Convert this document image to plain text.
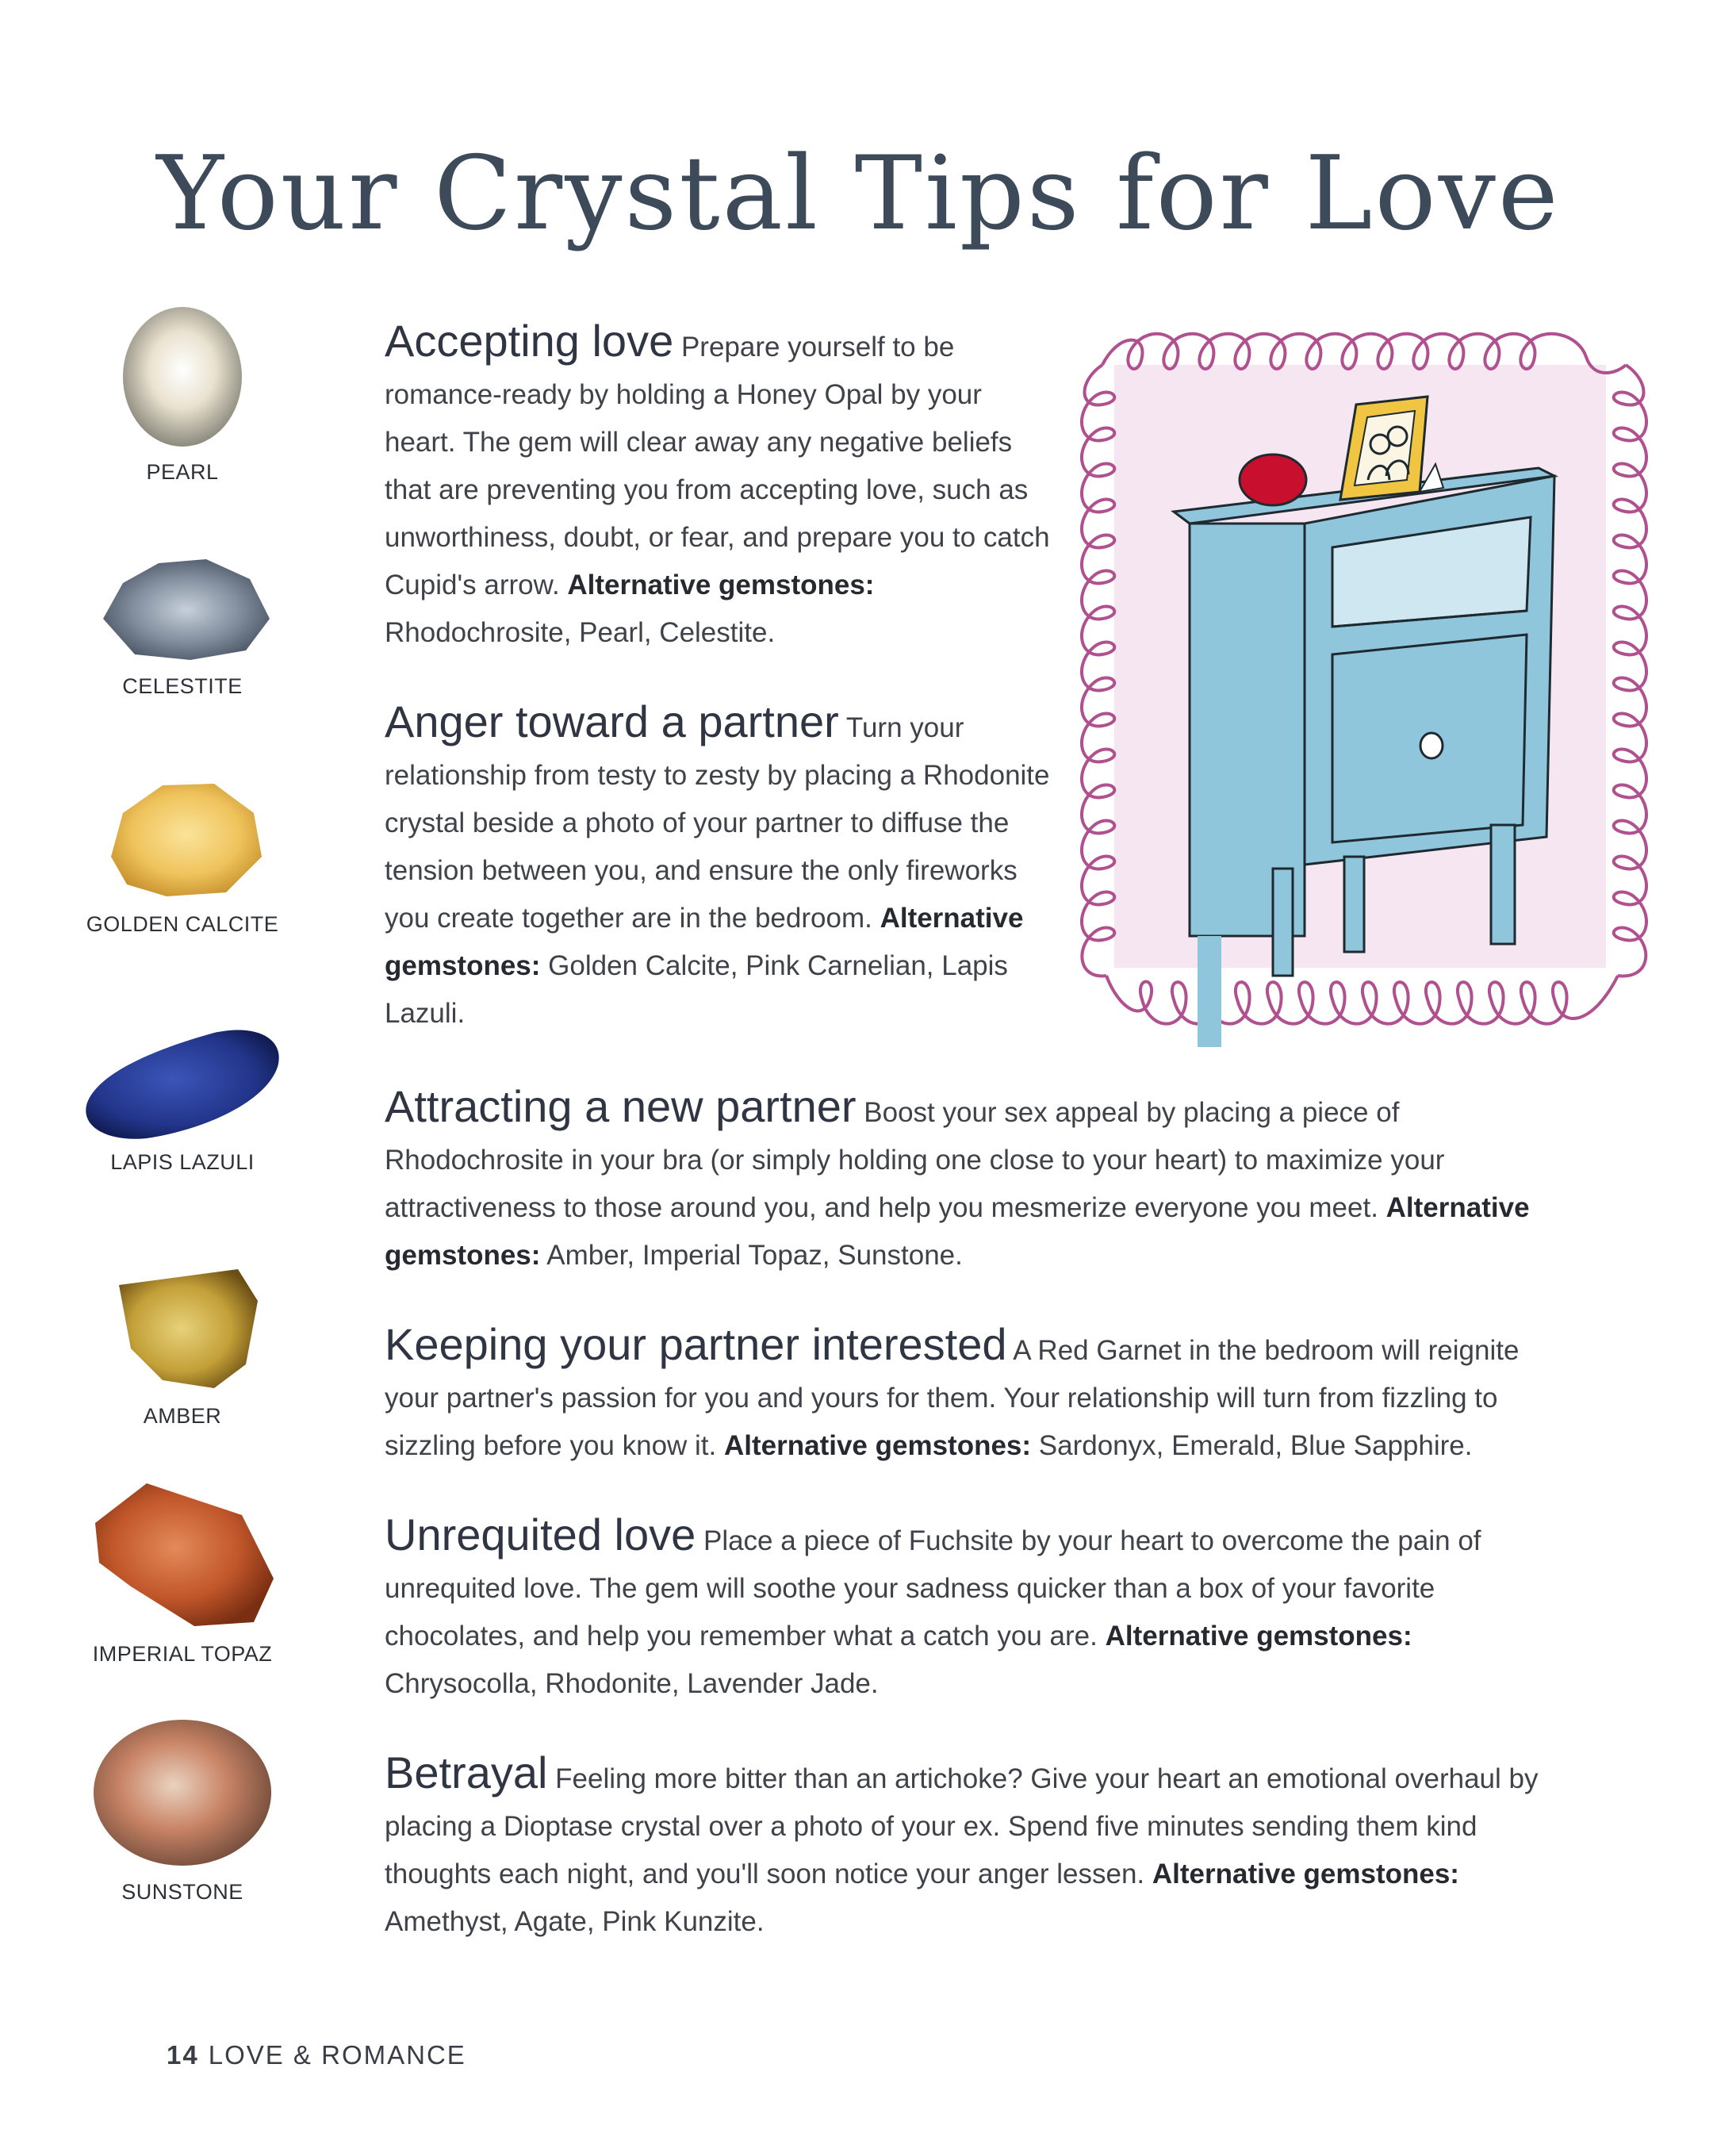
Your Crystal Tips for Love
PEARL
CELESTITE
GOLDEN CALCITE
LAPIS LAZULI
AMBER
IMPERIAL TOPAZ
SUNSTONE
Accepting love Prepare yourself to be romance-ready by holding a Honey Opal by your heart. The gem will clear away any negative beliefs that are preventing you from accepting love, such as unworthiness, doubt, or fear, and prepare you to catch Cupid's arrow. Alternative gemstones: Rhodochrosite, Pearl, Celestite.
Anger toward a partner Turn your relationship from testy to zesty by placing a Rhodonite crystal beside a photo of your partner to diffuse the tension between you, and ensure the only fireworks you create together are in the bedroom. Alternative gemstones: Golden Calcite, Pink Carnelian, Lapis Lazuli.
Attracting a new partner Boost your sex appeal by placing a piece of Rhodochrosite in your bra (or simply holding one close to your heart) to maximize your attractiveness to those around you, and help you mesmerize everyone you meet. Alternative gemstones: Amber, Imperial Topaz, Sunstone.
Keeping your partner interested A Red Garnet in the bedroom will reignite your partner's passion for you and yours for them. Your relationship will turn from fizzling to sizzling before you know it. Alternative gemstones: Sardonyx, Emerald, Blue Sapphire.
Unrequited love Place a piece of Fuchsite by your heart to overcome the pain of unrequited love. The gem will soothe your sadness quicker than a box of your favorite chocolates, and help you remember what a catch you are. Alternative gemstones: Chrysocolla, Rhodonite, Lavender Jade.
Betrayal Feeling more bitter than an artichoke? Give your heart an emotional overhaul by placing a Dioptase crystal over a photo of your ex. Spend five minutes sending them kind thoughts each night, and you'll soon notice your anger lessen. Alternative gemstones: Amethyst, Agate, Pink Kunzite.
14 LOVE & ROMANCE
